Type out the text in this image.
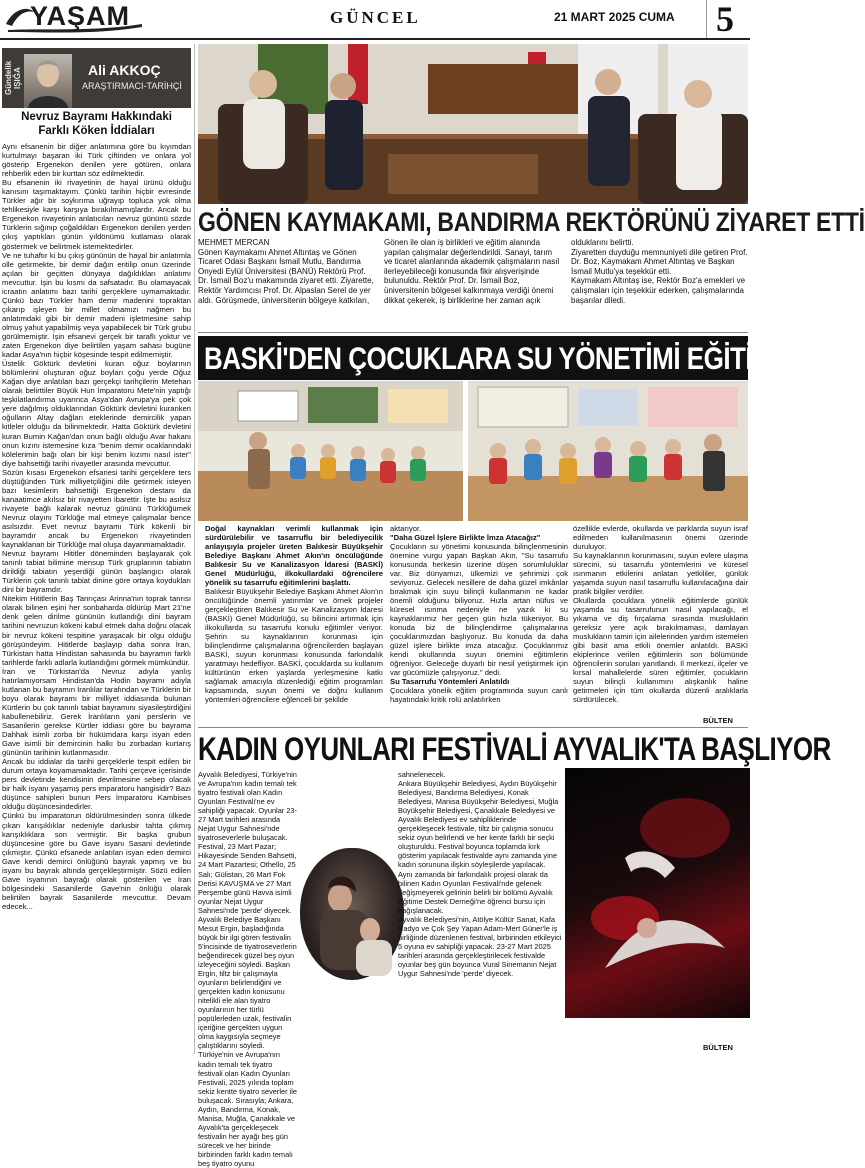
YAŞAM	GÜNCEL	21 MART 2025 CUMA 5
Gündelik IŞIĞA	Ali AKKOÇ
ARAŞTIRMACI-TARİHÇİ
Nevruz Bayramı Hakkındaki
Farklı Köken İddiaları

Aynı efsanenin bir diğer anlatımına göre bu kıyımdan kurtulmayı başaran iki Türk çiftinden ve onlara yol gösterip Ergenekon denilen yere götüren, onlara rehberlik eden bir kurttan söz edilmektedir.

Bu efsanenin iki rivayetinin de hayal ürünü olduğu kanısını taşımaktayım. Çünkü tarihin hiçbir evresinde Türkler ağır bir soykırıma uğrayıp topluca yok olma tehlikesiyle karşı karşıya bırakılmamışlardır. Ancak bu Ergenekon rivayetinin anlatıcıları nevruz gününü sözde Türklerin sığınıp çoğaldıkları Ergenekon denilen yerden çıkış yaptıkları günün yıldönümü kutlaması olarak göstermek ve belirtmek istemektedirler.

Ve ne tuhaftır ki bu çıkış gününün de hayal bir anlatımla olle getirmekte, bir demir dağın eritilip onun üzerinde açılan bir geçitten dünyaya dağıldıkları anlatımı mevcuttur. İşin bu kısmı da safsatadır. Bu olamayacak icraatın anlatımı bazı tarihi gerçeklere uymamaktadır. Çünkü bazı Türkler ham demir madenini topraktan çıkarıp işleyen bir millet olmamızı nağmen bu anlatımdaki gibi bir demir madeni işletmesine sahip olmuş yahut yapabilmiş veya yapabilecek bir Türk grubu görülmemiştir. İşin efsanevi gerçek bir taraflı yoktur ve zaten Ergenekon diye belirtilen yaşam sahası bugüne kadar Asya'nın hiçbir köşesinde tespit edilmemiştir.

Üstelik Göktürk devletini kuran oğuz boylarının bölümlerini oluşturan oğuz boyları çoğu yerde Oğuz Kağan diye anlatılan bazı gerçekçi tarihçilerin Metehan olarak belirttiler Büyük Hun İmparatoru Mete'nin yaptığı teşkilatlandırma uyarınca Asya'dan Avrupa'ya pek çok yere dağılmış olduklarından Göktürk devletini kuranken oğulların Altay dağları eteklerinde demircilik yapan kitleler olduğu da bilinmektedir. Hatta Göktürk devletini kuran Bumin Kağan'dan onun bağlı olduğu Avar hakanı onun kızını istemesine kıza "benim demir ocaklarındaki kölelerimin bağı olan bir kişi benim kızımı nasıl ister" diye bahsettiği tarihi rivayetler arasında mevcuttur.

Sözün kısası Ergenekon efsanesi tarihi gerçeklere ters düştüğünden Türk milliyetçiliğini dile getirmek isteyen bazı kesimlerin bahsettiği Ergenekon destanı da kanaatimce akılsız bir rivayetten ibarettir. İşte bu asılsız rivayete bağlı kalarak nevruz gününü Türklüğümek Nevruz olayını Türklüğe mal etmeye çalışmalar bence asılsızdır. Evet nevruz bayramı Türk kökenli bir bayramdır ancak bu Ergenekon rivayetinden kaynaklanan bir Türklüğe mal oluşa dayanmamaktadır.

Nevruz bayramı Hititler döneminden başlayarak çok tanınlı tabiat bilimine mensup Türk gruplarının tabiatın dirildiği tabiatın yeşerdiği günün başlangıcı olarak Türklerin çok tanınlı tabiat dinine göre ortaya koydukları dini bir bayramdır.

Nitekim Hititlerin Baş Tanrıçası Arinna'nın toprak tanrısı olarak bilinen eşini her sonbaharda öldürüp Mart 21'ne denk gelen dirilme gününün kutlandığı dini bayram tarihini nevruzun kökeni kabul etmek daha doğru olacak bir nevruz kökeni tespitine yaraşacak bir olgu olduğu görüşündeyim. Hititlerde başlayıp daha sonra İran, Türkistan hatta Hindistan sahasında bu bayramın farklı tarihlerde farklı adlarla kutlandığını görmek mümkündür.

İran ve Türkistan'da Nevruz adıyla yanlış hatırlamıyorsam Hindistan'da Hodin bayramı adıyla kutlanan bu bayramın İranlılar tarafından ve Türklerin bir boyu olarak bayramı bir milliyet iddiasında bulunan Kürtlerin bu çok tanınlı tabiat bayramını siyasileştirdiğini kabullenebiliriz. Gerek İranlıların yani perslerin ve Sasanilerin gerekse Kürtler iddiası göre bu bayrama Dahhak isimli zorba bir hükümdara karşı isyan eden Gave isimli bir demircinin halkı bu zorbadan kurtarış gününün tarihinin kutlanmasıdır.

Ancak bu iddialar da tarihi gerçeklerle tespit edilen bir durum ortaya koyamamaktadır. Tarihi çerçeve içerisinde pers devletinde kendisinin devrilmesine sebep olacak bir halk isyanı yaşamış pers imparatoru hangisidir? Bazı düşünce sahipleri bunun Pers İmparatoru Kambises olduğu düşüncesindedirler.

Çünkü bu imparatorun öldürülmesinden sonra ülkede çıkan karışıklıklar nedeniyle darlusbir tahta çıkmış karışıklıklara son vermiştir. Bir başka grubun düşüncesine göre bu Gave isyanı Sasani devletinde çıkmıştır. Çünkü efsanede anlatılan isyan eden demirci Gave kendi demirci önlüğünü bayrak yapmış ve bu isyanı bu bayrak altında gerçekleştirmiştir. Sözü edilen Gave isyanının bayrağı olarak gösterilen ve İran bölgesindeki Sasanilerde Gave'nin önlüğü olarak belirtilen bayrak Sasanilerde mevcuttur. Devam edecek...

GÖNEN KAYMAKAMI, BANDIRMA REKTÖRÜNÜ ZİYARET ETTİ
MEHMET MERCAN
Gönen Kaymakamı Ahmet Altıntaş ve Gönen Ticaret Odası Başkanı İsmail Mutlu, Bandırma Onyedi Eylül Üniversitesi (BANÜ) Rektörü Prof. Dr. İsmail Boz'u makamında ziyaret etti. Ziyarette, Rektör Yardımcısı Prof. Dr. Alpaslan Serel de yer aldı. Görüşmede, üniversitenin bölgeye katkıları,
Gönen ile olan iş birlikleri ve eğitim alanında yapılan çalışmalar değerlendirildi. Sanayi, tarım ve ticaret alanlarında akademik çalışmaların nasıl ilerleyebileceği konusunda fikir alışverişinde bulunuldu. Rektör Prof. Dr. İsmail Boz, üniversitenin bölgesel kalkınmaya verdiği önemi dikkat çekerek, iş birliklerine her zaman açık
olduklarını belirtti.
Ziyaretten duyduğu memnuniyeti dile getiren Prof. Dr. Boz, Kaymakam Ahmet Altıntaş ve Başkan İsmail Mutlu'ya teşekkür etti.
Kaymakam Altıntaş ise, Rektör Boz'a emekleri ve çalışmaları için teşekkür ederken, çalışmalarında başarılar diledi.
BASKİ'DEN ÇOCUKLARA SU YÖNETİMİ EĞİTİMİ

Doğal kaynakları verimli kullanmak için sürdürülebilir ve tasarruflu bir belediyecilik anlayışıyla projeler üreten Balıkesir Büyükşehir Belediye Başkanı Ahmet Akın'ın öncülüğünde Balıkesir Su ve Kanalizasyon İdaresi (BASKİ) Genel Müdürlüğü, ilkokullardaki öğrencilere yönelik su tasarrufu eğitimlerini başlattı.

Balıkesir Büyükşehir Belediye Başkanı Ahmet Akın'ın öncülüğünde önemli yatırımlar ve örnek projeler gerçekleştiren Balıkesir Su ve Kanalizasyon İdaresi (BASKİ) Genel Müdürlüğü, su bilincini artırmak için ilkokullarda su tasarrufu konulu eğitimler veriyor. Şehrin su kaynaklarının korunması için bilinçlendirme çalışmalarına öğrencilerden başlayan BASKİ, suyun korunması konusunda farkındalık yaratmayı hedefliyor. BASKİ, çocuklarda su kullanım kültürünün erken yaşlarda yerleşmesine katkı sağlamak amacıyla düzenlediği eğitim programları kapsamında, suyun önemi ve doğru kullanım yöntemleri öğrencilere eğlenceli bir şekilde

aktarıyor.

"Daha Güzel İşlere Birlikte İmza Atacağız"

Çocukların su yönetimi konusunda bilinçlenmesinin önemine vurgu yapan Başkan Akın, "Su tasarrufu konusunda herkesin üzerine düşen sorumluluklar var. Biz dünyamızı, ülkemizi ve şehrimizi çok seviyoruz. Gelecek nesillere de daha güzel imkânlar bırakmak için suyu bilinçli kullanmanın ne kadar önemli olduğunu biliyoruz. Hızla artan nüfus ve küresel ısınma nedeniyle ne yazık ki su kaynaklarımız her geçen gün hızla tükeniyor. Bu konuda biz de bilinçlendirme çalışmalarına çocuklarımızdan başlıyoruz. Bu konuda da daha güzel işlere birlikte imza atacağız. Çocuklarımız kendi okullarında suyun önemini eğitimlerin öğreniyor. Geleceğe duyarlı bir nesil yetiştirmek için var gücümüzle çalışıyoruz." dedi.

Su Tasarrufu Yöntemleri Anlatıldı

Çocuklara yönelik eğitim programında suyun canlı hayatındaki kritik rolü anlatılırken

özellikle evlerde, okullarda ve parklarda suyun israf edilmeden kullanılmasının önemi üzerinde duruluyor.
Su kaynaklarının korunmasını, suyun evlere ulaşma sürecini, su tasarrufu yöntemlerini ve küresel ısınmanın etkilerini anlatan yetkililer, günlük yaşamda suyun nasıl tasarruflu kullanılacağına dair pratik bilgiler verdiler.
Okullarda çocuklara yönelik eğitimlerde günlük yaşamda su tasarrufunun nasıl yapılacağı, el yıkama ve diş fırçalama sırasında musluklarin gereksiz yere açık bırakılmaması, damlayan muslukların tamiri için ailelerinden yardım istemeleri gibi basit ama etkili önemler anlatıldı. BASKİ ekiplerince verilen eğitimlerin son bölümünde öğrencilerin soruları yanıtlandı. İl merkezi, ilçeler ve kırsal mahallelerde süren eğitimler, çocukların suyun bilinçli kullanımını alışkanlık haline getirmeleri için tüm okullarda düzenli aralıklarla sürdürülecek.
BÜLTEN
KADIN OYUNLARI FESTİVALİ AYVALIK'TA BAŞLIYOR
Ayvalık Belediyesi, Türkiye'nin ve Avrupa'nın kadın temalı tek tiyatro festivali olan Kadın Oyunları Festivali'ne ev sahipliği yapacak. Oyunlar 23-27 Mart tarihleri arasında Nejat Uygur Sahnesi'nde tiyatroseverlerle buluşacak. Festival, 23 Mart Pazar; Hikayesinde Senden Bahsetti, 24 Mart Pazartesi; Othello, 25 Salı; Gülistan, 26 Mart Fok Derisi KAVUŞMA ve 27 Mart Perşembe günü Havva isimli oyunlar Nejat Uygur Sahnesi'nde 'perde' diyecek.
Ayvalık Belediye Başkanı Mesut Ergin, başladığında büyük bir ilgi gören festivalin 5'incisinde de tiyatroseverlerin beğendirecek güzel beş oyun izleyeceğini söyledi. Başkan Ergin, tiltz bir çalışmayla oyunların belirlendiğini ve gerçekten kadın konusunu nitelikli ele alan tiyatro oyunlarının her türlü popülerleden uzak, festivalin içeriğine gerçekten uygun olma kaygısıyla seçmeye çalıştıklarını söyledi.
Türkiye'nin ve Avrupa'nın kadın temalı tek tiyatro festivali olan Kadın Oyunları Festivali, 2025 yılında toplam sekiz kentte tiyatro severler ile buluşacak. Sırasıyla; Ankara, Aydın, Bandırma, Konak, Manisa, Muğla, Çanakkale ve Ayvalık'ta gerçekleşecek festivalin her ayağı beş gün sürecek ve her birinde birbirinden farklı kadın temalı beş tiyatro oyunu
sahnelenecek.
Ankara Büyükşehir Belediyesi, Aydın Büyükşehir Belediyesi, Bandırma Belediyesi, Konak Belediyesi, Manisa Büyükşehir Belediyesi, Muğla Büyükşehir Belediyesi, Çanakkale Belediyesi ve Ayvalık Belediyesi ev sahipliklerinde gerçekleşecek festivale, tiltz bir çalışma sonucu sekiz oyun belirlendi ve her kente farklı bir seçki oluşturuldu. Festival boyunca toplamda kırk gösterim yapılacak festivalde aynı zamanda yine kadın sorununa ilişkin söyleşilerde yapılacak.
Aynı zamanda bir farkındalık projesi olarak da bilinen Kadın Oyunları Festivali'nde gelenek değişmeyerek gelirinin belirli bir bölümü Ayvalık Eğitime Destek Derneği'ne öğrenci bursu için bağışlanacak.
Ayvalık Belediyesi'nin, Atölye Kültür Sanat, Kafa Radyo ve Çok Şey Yapan Adam-Mert Güner'le iş birliğinde düzenlenen festival, birbirinden etkileyici 5 oyuna ev sahipliği yapacak. 23-27 Mart 2025 tarihleri arasında gerçekleştirilecek festivalde oyunlar beş gün boyunca Vural Sinemanın Nejat Uygur Sahnesi'nde 'perde' diyecek.
BÜLTEN
